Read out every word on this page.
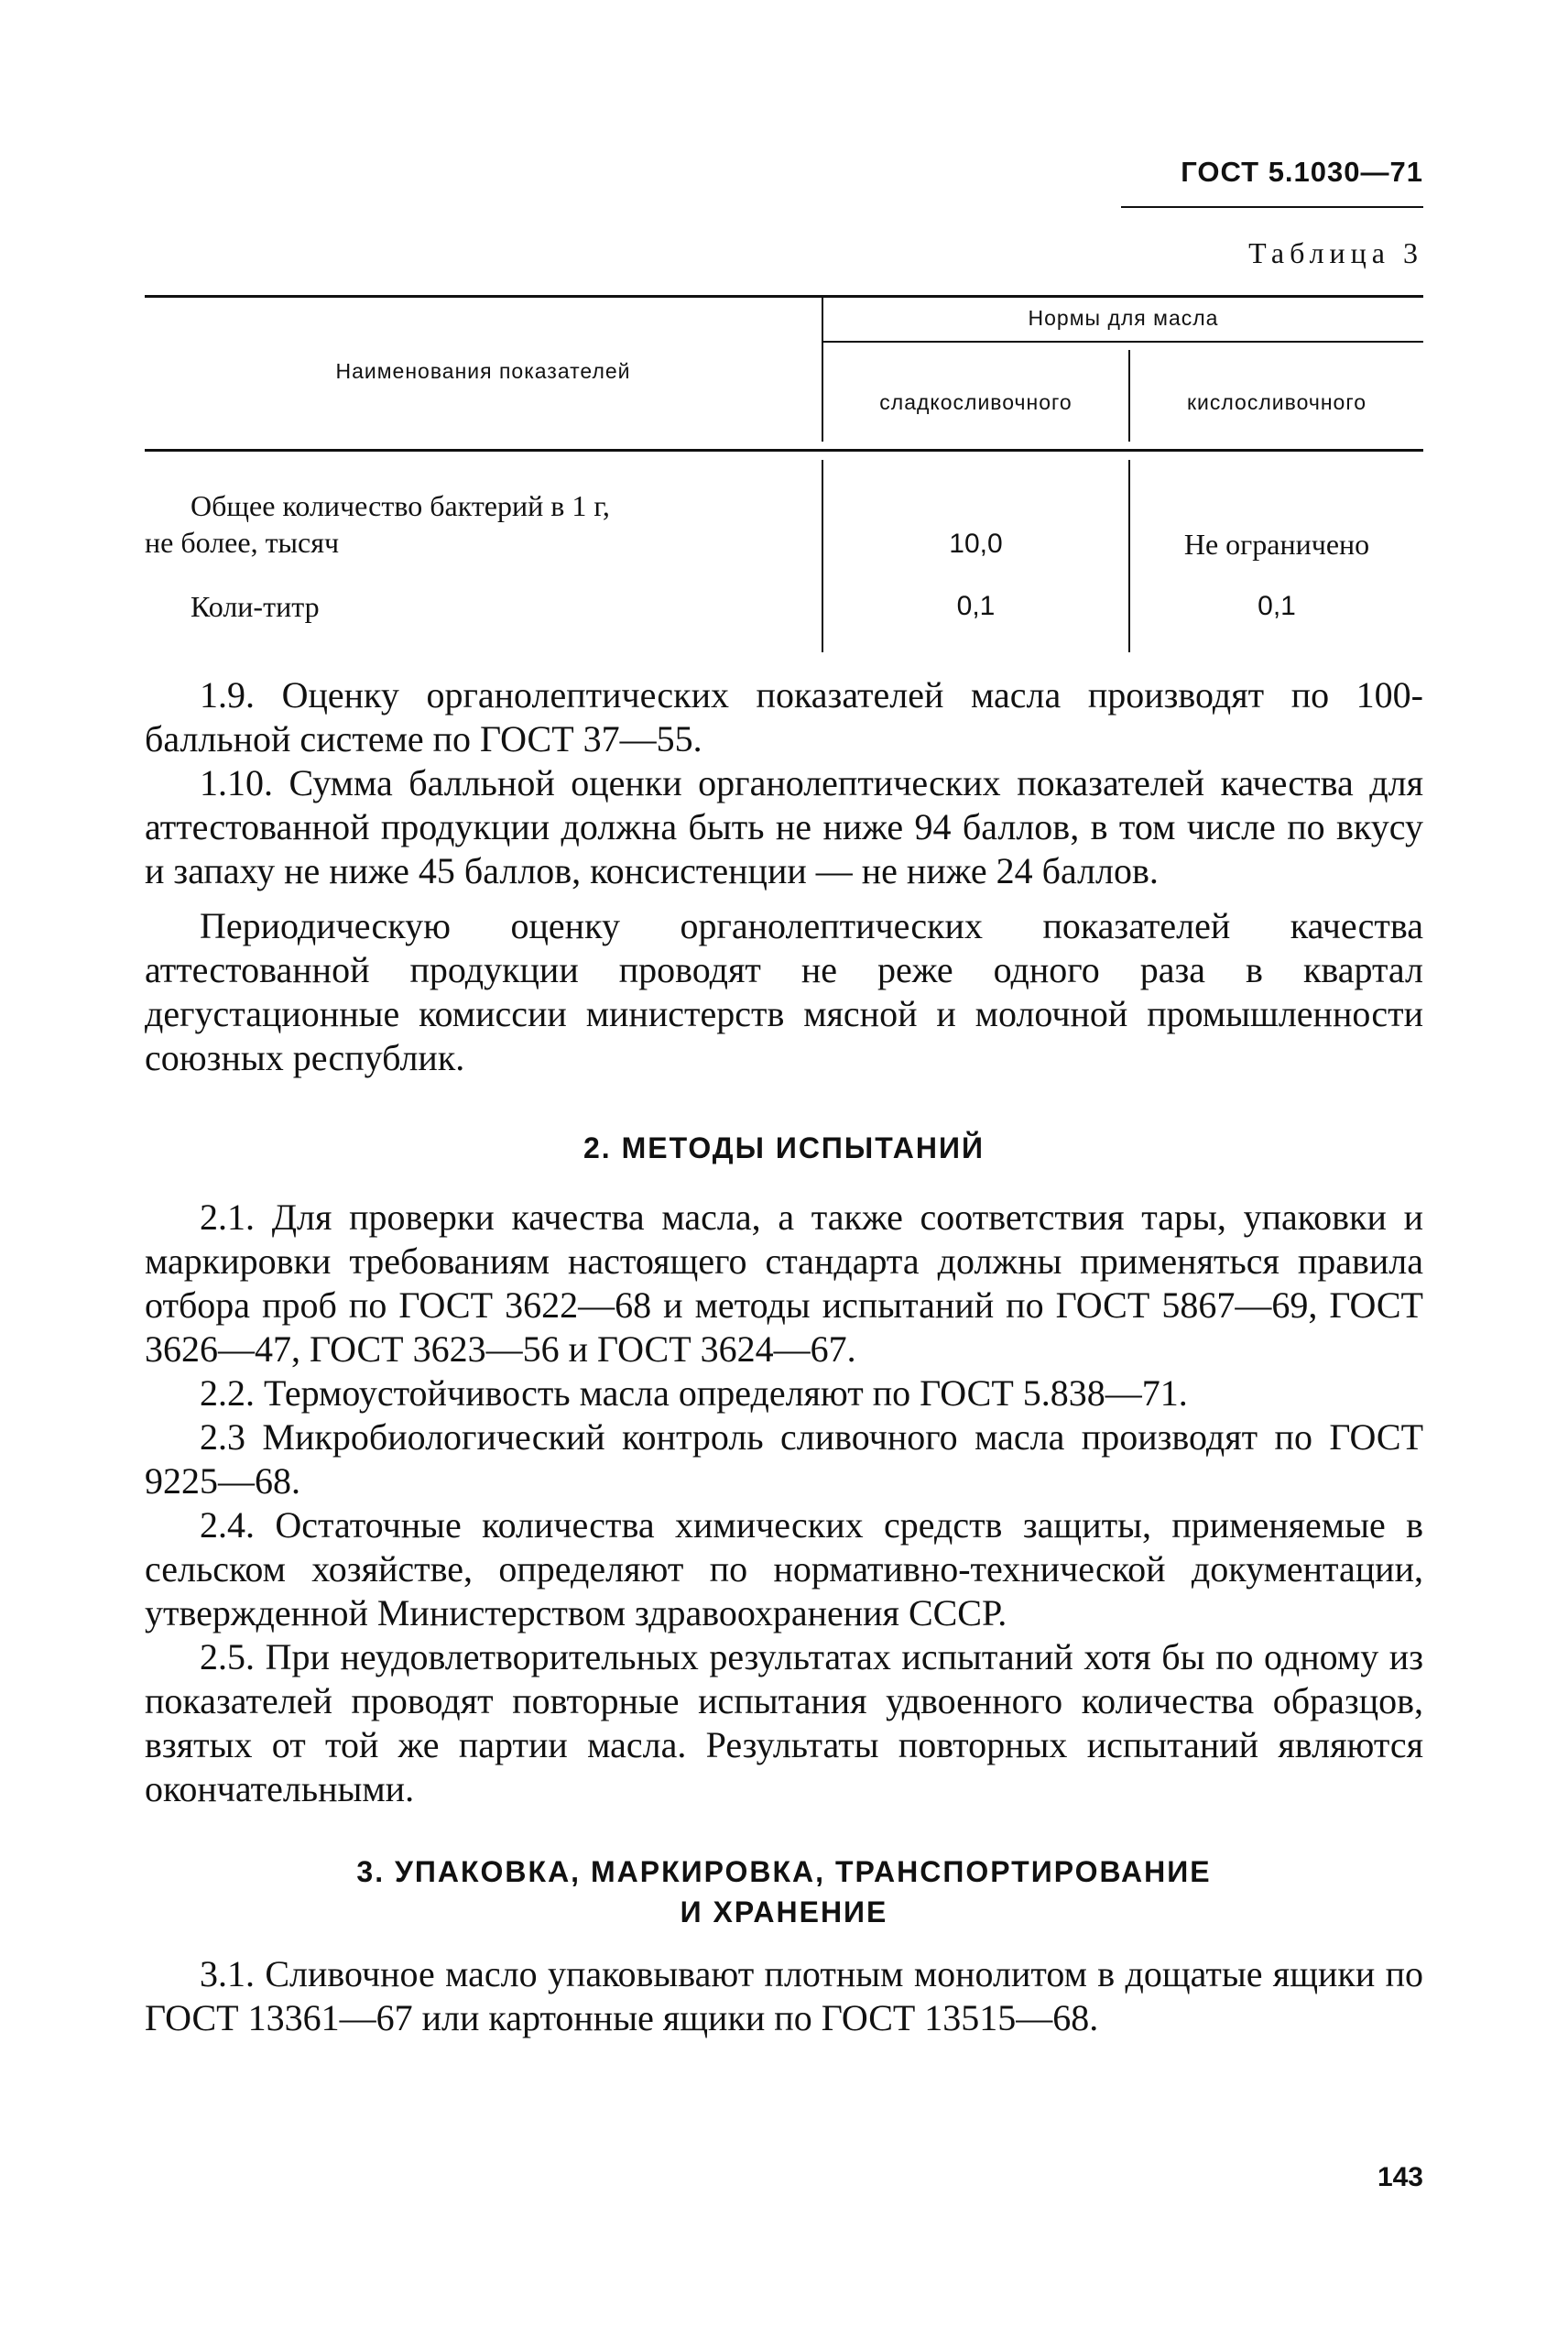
ГОСТ 5.1030—71
Таблица 3
Наименования показателей
Нормы для масла
сладкосливочного	кислосливочного
Общее количество бактерий в 1 г,
не более, тысяч	10,0	Не ограничено
Коли-титр	0,1	0,1

1.9. Оценку органолептических показателей масла производят по 100-балльной системе по ГОСТ 37—55.

1.10. Сумма балльной оценки органолептических показателей качества для аттестованной продукции должна быть не ниже 94 баллов, в том числе по вкусу и запаху не ниже 45 баллов, консистенции — не ниже 24 баллов.

Периодическую оценку органолептических показателей качества аттестованной продукции проводят не реже одного раза в квартал дегустационные комиссии министерств мясной и молочной промышленности союзных республик.

2. МЕТОДЫ ИСПЫТАНИЙ

2.1. Для проверки качества масла, а также соответствия тары, упаковки и маркировки требованиям настоящего стандарта должны применяться правила отбора проб по ГОСТ 3622—68 и методы испытаний по ГОСТ 5867—69, ГОСТ 3626—47, ГОСТ 3623—56 и ГОСТ 3624—67.

2.2. Термоустойчивость масла определяют по ГОСТ 5.838—71.

2.3 Микробиологический контроль сливочного масла производят по ГОСТ 9225—68.

2.4. Остаточные количества химических средств защиты, применяемые в сельском хозяйстве, определяют по нормативно-технической документации, утвержденной Министерством здравоохранения СССР.

2.5. При неудовлетворительных результатах испытаний хотя бы по одному из показателей проводят повторные испытания удвоенного количества образцов, взятых от той же партии масла. Результаты повторных испытаний являются окончательными.

3. УПАКОВКА, МАРКИРОВКА, ТРАНСПОРТИРОВАНИЕ

И ХРАНЕНИЕ

3.1. Сливочное масло упаковывают плотным монолитом в дощатые ящики по ГОСТ 13361—67 или картонные ящики по ГОСТ 13515—68.

143
